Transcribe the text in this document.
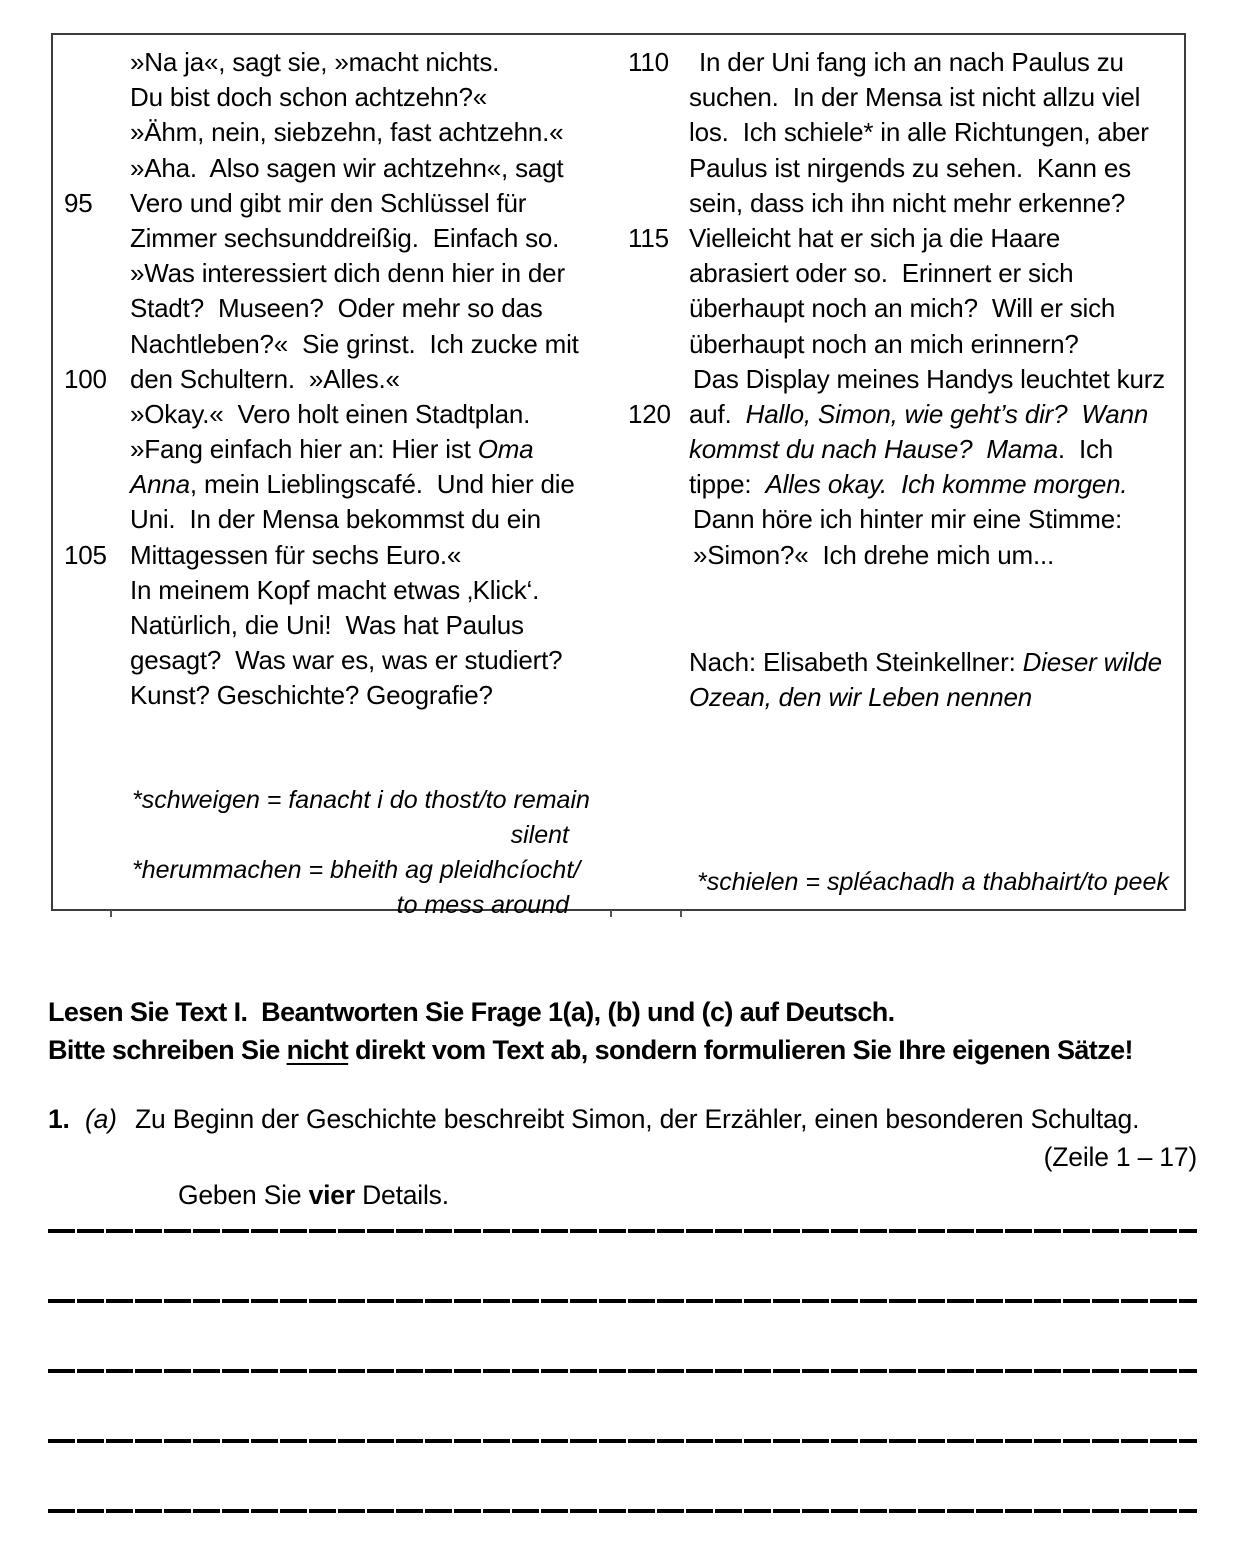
»Na ja«, sagt sie, »macht nichts.
Du bist doch schon achtzehn?«
»Ähm, nein, siebzehn, fast achtzehn.«
»Aha.  Also sagen wir achtzehn«, sagt
95	Vero und gibt mir den Schlüssel für
Zimmer sechsunddreißig.  Einfach so.
»Was interessiert dich denn hier in der
Stadt?  Museen?  Oder mehr so das
Nachtleben?«  Sie grinst.  Ich zucke mit
100 den Schultern.  »Alles.«
»Okay.«  Vero holt einen Stadtplan.
»Fang einfach hier an: Hier ist Oma
Anna, mein Lieblingscafé.  Und hier die
Uni.  In der Mensa bekommst du ein
105 Mittagessen für sechs Euro.«
In meinem Kopf macht etwas ‚Klick‘.
Natürlich, die Uni!  Was hat Paulus
gesagt?  Was war es, was er studiert?
Kunst? Geschichte? Geografie?
110	In der Uni fang ich an nach Paulus zu
suchen.  In der Mensa ist nicht allzu viel
los.  Ich schiele* in alle Richtungen, aber
Paulus ist nirgends zu sehen.  Kann es
sein, dass ich ihn nicht mehr erkenne?
115 Vielleicht hat er sich ja die Haare
abrasiert oder so.  Erinnert er sich
überhaupt noch an mich?  Will er sich
überhaupt noch an mich erinnern?
Das Display meines Handys leuchtet kurz
120 auf.  Hallo, Simon, wie geht’s dir?  Wann
kommst du nach Hause?  Mama.  Ich
tippe:  Alles okay.  Ich komme morgen.
Dann höre ich hinter mir eine Stimme:
»Simon?«  Ich drehe mich um...
*schweigen = fanacht i do thost/to remain
silent
*herummachen = bheith ag pleidhcíocht/
to mess around
Nach: Elisabeth Steinkellner: Dieser wilde
Ozean, den wir Leben nennen
*schielen = spléachadh a thabhairt/to peek
Lesen Sie Text I.  Beantworten Sie Frage 1(a), (b) und (c) auf Deutsch.
Bitte schreiben Sie nicht direkt vom Text ab, sondern formulieren Sie Ihre eigenen Sätze!
1. (a) Zu Beginn der Geschichte beschreibt Simon, der Erzähler, einen besonderen Schultag.

Geben Sie vier Details.

(Zeile 1 – 17)
